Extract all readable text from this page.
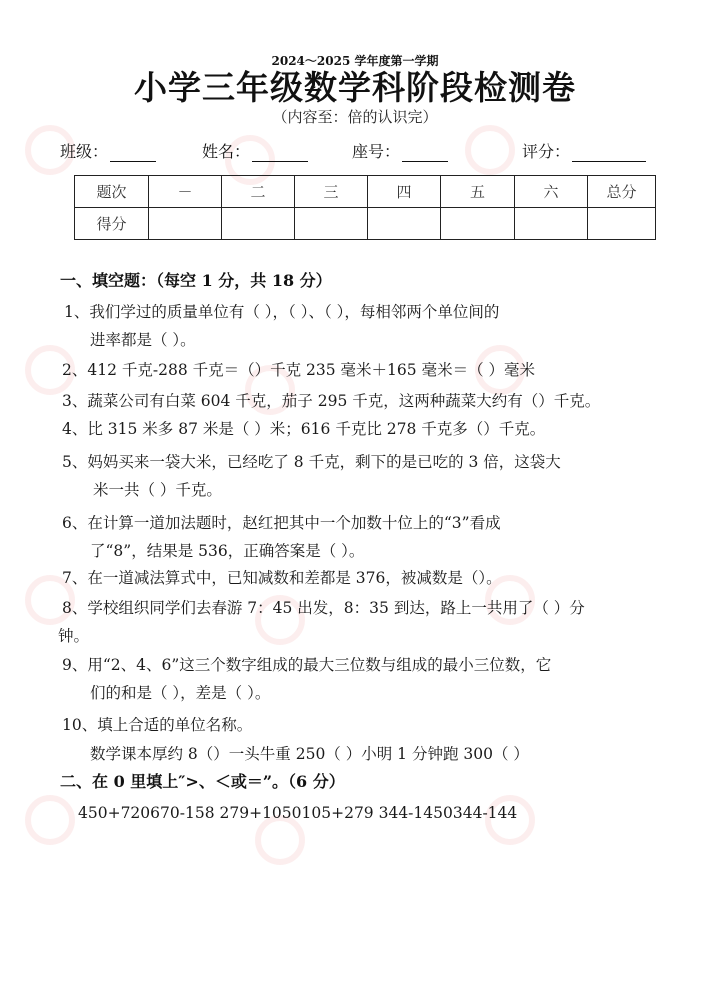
2024～2025 学年度第一学期
小学三年级数学科阶段检测卷
（内容至：倍的认识完）
班级：	姓名：	座号：	评分：
题次	－	二	三	四	五	六	总分
得分							
一、填空题：（每空 1 分，共 18 分）
1、我们学过的质量单位有（ ），（ ）、（ ），每相邻两个单位间的
进率都是（ ）。
2、412 千克-288 千克＝（）千克 235 毫米＋165 毫米＝（ ）毫米
3、蔬菜公司有白菜 604 千克，茄子 295 千克，这两种蔬菜大约有（）千克。
4、比 315 米多 87 米是（ ）米；616 千克比 278 千克多（）千克。
5、妈妈买来一袋大米，已经吃了 8 千克，剩下的是已吃的 3 倍，这袋大
米一共（ ）千克。
6、在计算一道加法题时，赵红把其中一个加数十位上的“3”看成
了“8”，结果是 536，正确答案是（ ）。
7、在一道减法算式中，已知减数和差都是 376，被减数是（）。
8、学校组织同学们去春游 7：45 出发，8：35 到达，路上一共用了（ ）分
钟。
9、用“2、4、6”这三个数字组成的最大三位数与组成的最小三位数，它
们的和是（ ），差是（ ）。
10、填上合适的单位名称。
数学课本厚约 8（）一头牛重 250（ ）小明 1 分钟跑 300（ ）
二、在 0 里填上″>、＜或＝”。（6 分）
450+720670-158 279+1050105+279 344-1450344-144
